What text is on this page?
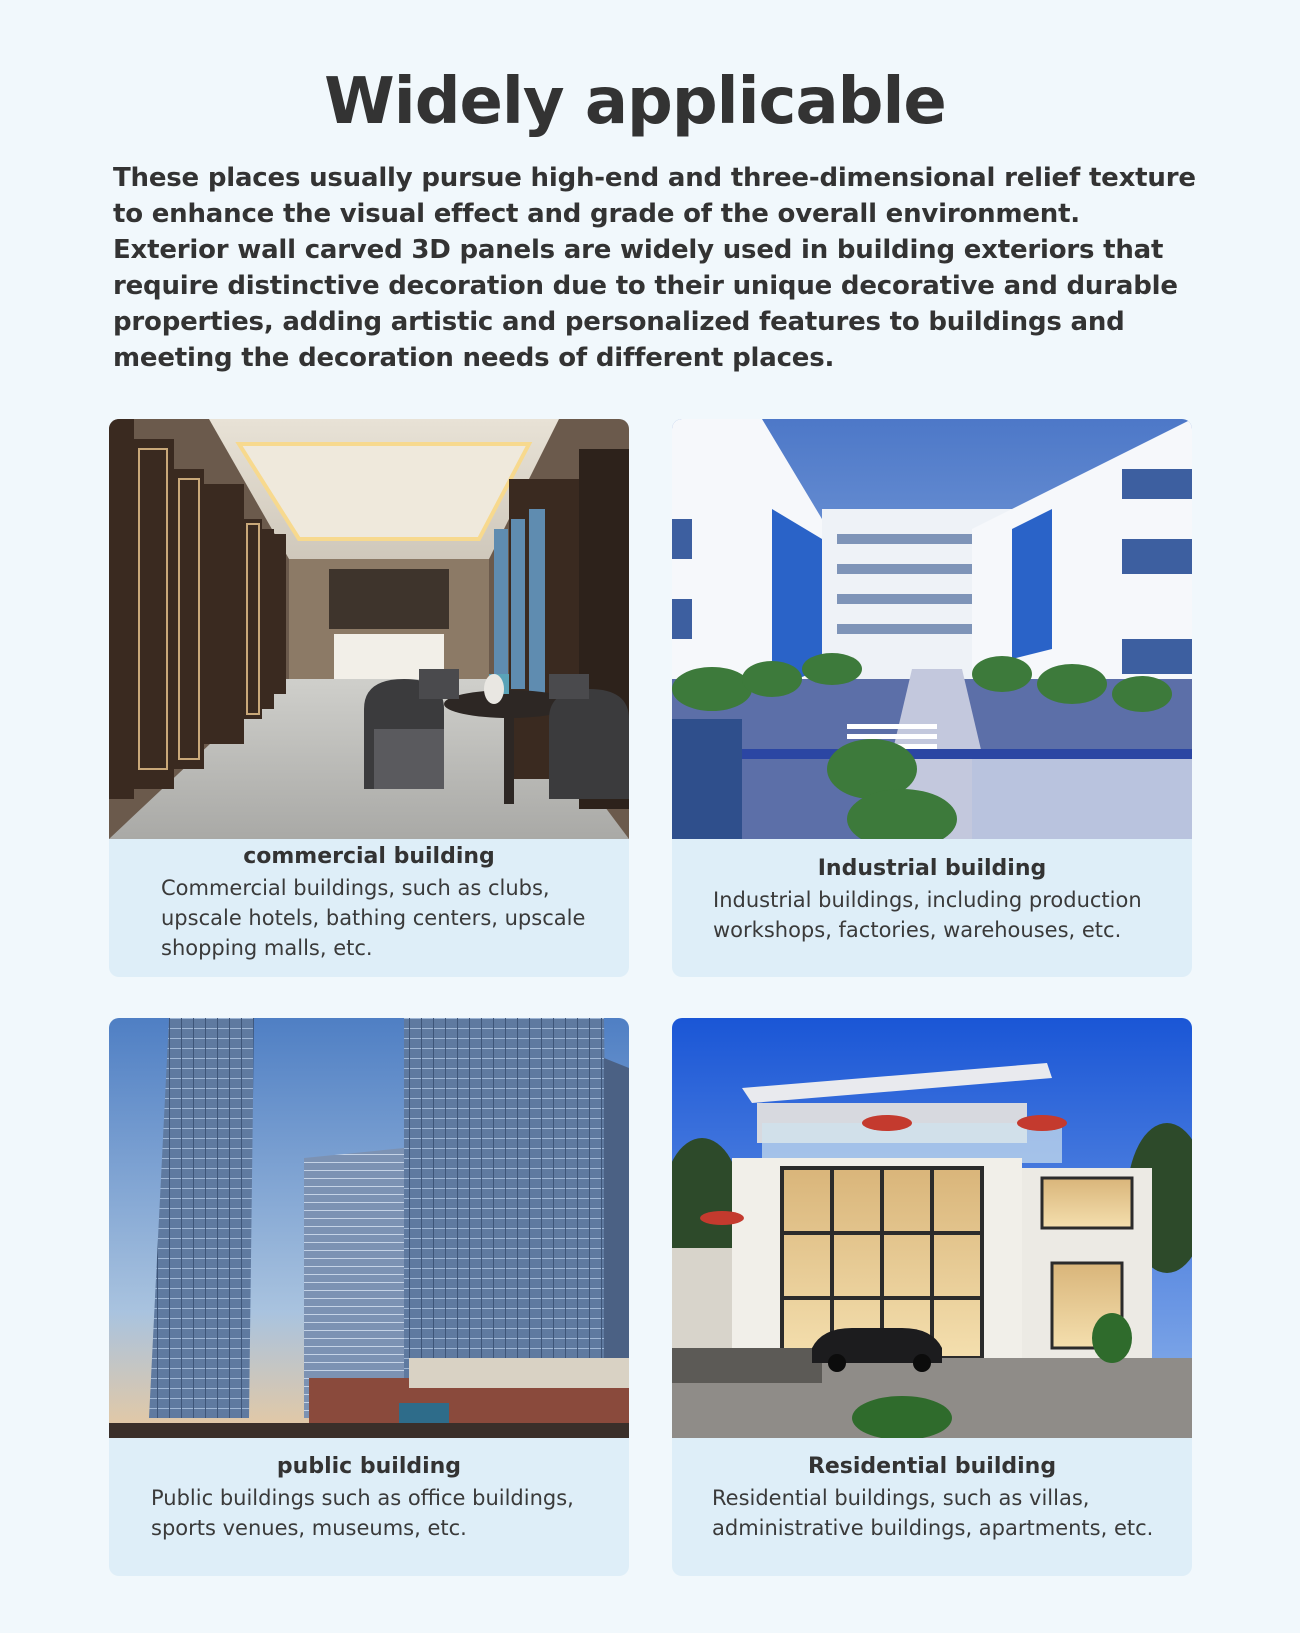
Widely applicable

These places usually pursue high-end and three-dimensional relief texture to enhance the visual effect and grade of the overall environment. Exterior wall carved 3D panels are widely used in building exteriors that require distinctive decoration due to their unique decorative and durable properties, adding artistic and personalized features to buildings and meeting the decoration needs of different places.

commercial building
Commercial buildings, such as clubs, upscale hotels, bathing centers, upscale shopping malls, etc.
Industrial building
Industrial buildings, including production workshops, factories, warehouses, etc.
public building
Public buildings such as office buildings, sports venues, museums, etc.
Residential building
Residential buildings, such as villas, administrative buildings, apartments, etc.
